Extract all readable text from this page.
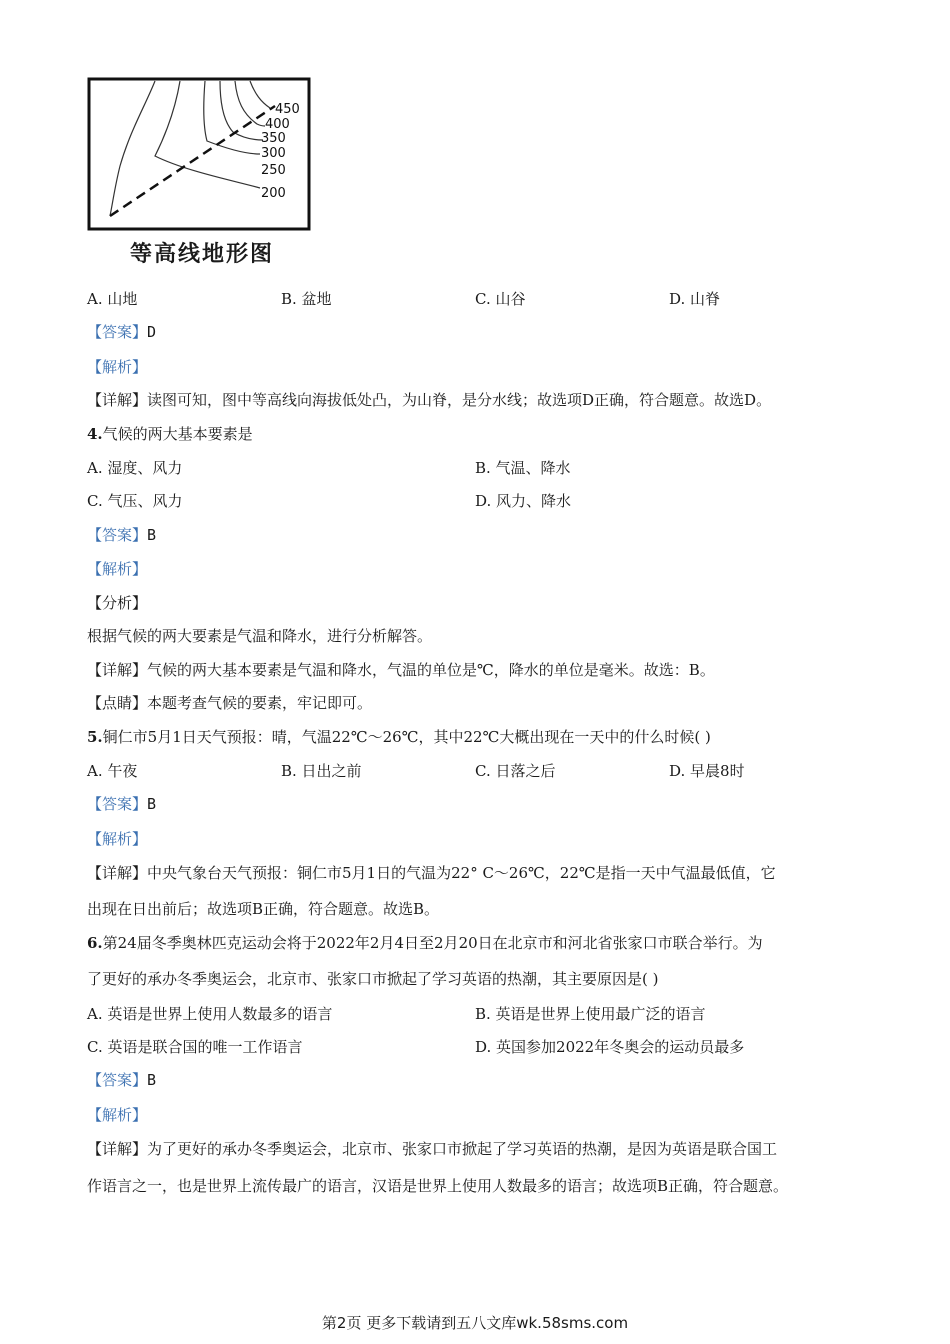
450
400
350
300
250
200
等高线地形图
A. 山地	B. 盆地	C. 山谷	D. 山脊
【答案】D
【解析】
【详解】读图可知，图中等高线向海拔低处凸，为山脊，是分水线；故选项D正确，符合题意。故选D。
4.气候的两大基本要素是
A. 湿度、风力	B. 气温、降水
C. 气压、风力	D. 风力、降水
【答案】B
【解析】
【分析】
根据气候的两大要素是气温和降水，进行分析解答。
【详解】气候的两大基本要素是气温和降水，气温的单位是℃，降水的单位是毫米。故选：B。
【点睛】本题考查气候的要素，牢记即可。
5.铜仁市5月1日天气预报：晴，气温22℃～26℃，其中22℃大概出现在一天中的什么时候( )
A. 午夜	B. 日出之前	C. 日落之后	D. 早晨8时
【答案】B
【解析】
【详解】中央气象台天气预报：铜仁市5月1日的气温为22° C～26℃，22℃是指一天中气温最低值，它
出现在日出前后；故选项B正确，符合题意。故选B。
6.第24届冬季奥林匹克运动会将于2022年2月4日至2月20日在北京市和河北省张家口市联合举行。为
了更好的承办冬季奥运会，北京市、张家口市掀起了学习英语的热潮，其主要原因是( )
A. 英语是世界上使用人数最多的语言	B. 英语是世界上使用最广泛的语言
C. 英语是联合国的唯一工作语言	D. 英国参加2022年冬奥会的运动员最多
【答案】B
【解析】
【详解】为了更好的承办冬季奥运会，北京市、张家口市掀起了学习英语的热潮，是因为英语是联合国工
作语言之一，也是世界上流传最广的语言，汉语是世界上使用人数最多的语言；故选项B正确，符合题意。
第2页 更多下载请到五八文库wk.58sms.com
